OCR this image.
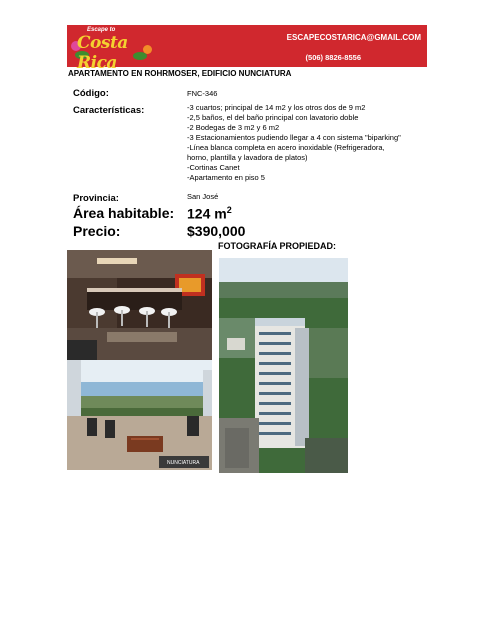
Escape to
Costa Rica
ESCAPECOSTARICA@GMAIL.COM
(506) 8826-8556
APARTAMENTO EN ROHRMOSER, EDIFICIO NUNCIATURA
Código:	FNC-346
Características:	-3 cuartos; principal de 14 m2 y los otros dos de 9 m2
-2,5 baños, el del baño principal con lavatorio doble
-2 Bodegas de 3 m2 y 6 m2
-3 Estacionamientos pudiendo llegar a 4 con sistema "biparking"
-Línea blanca completa en acero inoxidable (Refrigeradora,
horno, plantilla y lavadora de platos)
-Cortinas Canet
-Apartamento en piso 5
Provincia:	San José
Área habitable: 124 $m^2$
Precio:	$390,000
FOTOGRAFÍA PROPIEDAD:
NUNCIATURA
